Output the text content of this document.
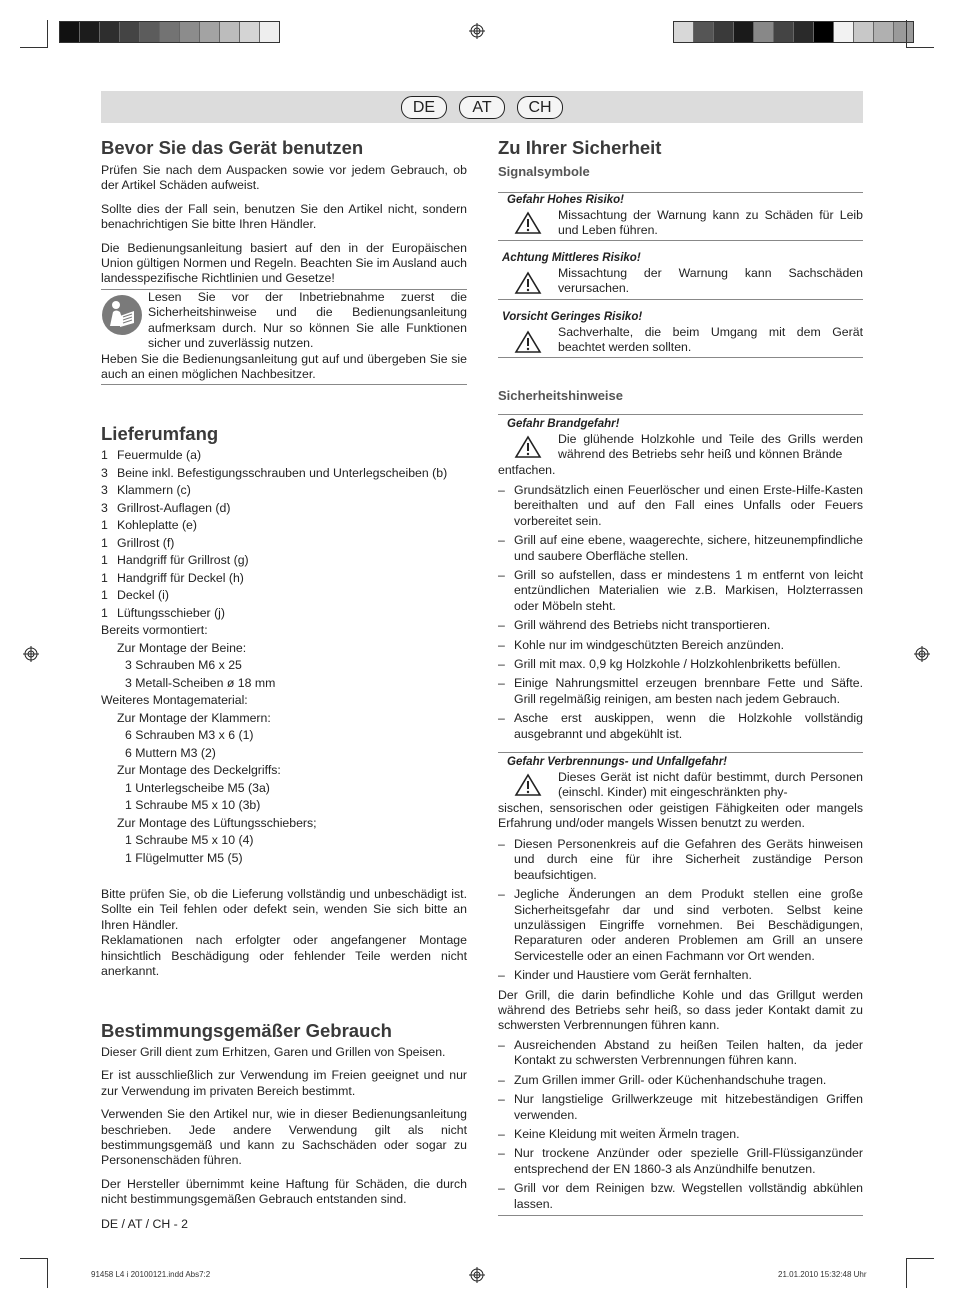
DE	AT	CH
Bevor Sie das Gerät benutzen

Prüfen Sie nach dem Auspacken sowie vor jedem Gebrauch, ob der Artikel Schäden aufweist.

Sollte dies der Fall sein, benutzen Sie den Artikel nicht, sondern benachrichtigen Sie bitte Ihren Händler.

Die Bedienungsanleitung basiert auf den in der Europäischen Union gültigen Normen und Regeln. Beachten Sie im Ausland auch landesspezifische Richtlinien und Gesetze!

Lesen Sie vor der Inbetriebnahme zuerst die Sicherheitshinweise und die Bedienungsanleitung aufmerksam durch. Nur so können Sie alle Funktionen sicher und zuverlässig nutzen.
Heben Sie die Bedienungsanleitung gut auf und übergeben Sie sie auch an einen möglichen Nachbesitzer.
Lieferumfang
1 Feuermulde (a)
3 Beine inkl. Befestigungsschrauben und Unterlegscheiben (b)
3 Klammern (c)
3 Grillrost-Auflagen (d)
1 Kohleplatte (e)
1 Grillrost (f)
1 Handgriff für Grillrost (g)
1 Handgriff für Deckel (h)
1 Deckel (i)
1 Lüftungsschieber (j)
Bereits vormontiert:
Zur Montage der Beine:
3 Schrauben M6 x 25
3 Metall-Scheiben ø 18 mm
Weiteres Montagematerial:
Zur Montage der Klammern:
6 Schrauben M3 x 6 (1)
6 Muttern M3 (2)
Zur Montage des Deckelgriffs:
1 Unterlegscheibe M5 (3a)
1 Schraube M5 x 10 (3b)
Zur Montage des Lüftungsschiebers;
1 Schraube M5 x 10 (4)
1 Flügelmutter M5 (5)

Bitte prüfen Sie, ob die Lieferung vollständig und unbeschädigt ist. Sollte ein Teil fehlen oder defekt sein, wenden Sie sich bitte an Ihren Händler.

Reklamationen nach erfolgter oder angefangener Montage hinsichtlich Beschädigung oder fehlender Teile werden nicht anerkannt.

Bestimmungsgemäßer Gebrauch

Dieser Grill dient zum Erhitzen, Garen und Grillen von Speisen.

Er ist ausschließlich zur Verwendung im Freien geeignet und nur zur Verwendung im privaten Bereich bestimmt.

Verwenden Sie den Artikel nur, wie in dieser Bedienungsanleitung beschrieben. Jede andere Verwendung gilt als nicht bestimmungsgemäß und kann zu Sachschäden oder sogar zu Personenschäden führen.

Der Hersteller übernimmt keine Haftung für Schäden, die durch nicht bestimmungsgemäßen Gebrauch entstanden sind.

DE / AT / CH - 2
Zu Ihrer Sicherheit
Signalsymbole
Gefahr Hohes Risiko!
Missachtung der Warnung kann zu Schäden für Leib und Leben führen.
Achtung Mittleres Risiko!
Missachtung der Warnung kann Sachschäden verursachen.
Vorsicht Geringes Risiko!
Sachverhalte, die beim Umgang mit dem Gerät beachtet werden sollten.
Sicherheitshinweise
Gefahr Brandgefahr!
Die glühende Holzkohle und Teile des Grills werden während des Betriebs sehr heiß und können Brände
entfachen.

– Grundsätzlich einen Feuerlöscher und einen Erste-Hilfe-Kasten bereithalten und auf den Fall eines Unfalls oder Feuers vorbereitet sein.

– Grill auf eine ebene, waagerechte, sichere, hitzeunempfindliche und saubere Oberfläche stellen.

– Grill so aufstellen, dass er mindestens 1 m entfernt von leicht entzündlichen Materialien wie z.B. Markisen, Holzterrassen oder Möbeln steht.

– Grill während des Betriebs nicht transportieren.

– Kohle nur im windgeschützten Bereich anzünden.

– Grill mit max. 0,9 kg Holzkohle / Holzkohlenbriketts befüllen.

– Einige Nahrungsmittel erzeugen brennbare Fette und Säfte. Grill regelmäßig reinigen, am besten nach jedem Gebrauch.

– Asche erst auskippen, wenn die Holzkohle vollständig ausgebrannt und abgekühlt ist.

Gefahr Verbrennungs- und Unfallgefahr!
Dieses Gerät ist nicht dafür bestimmt, durch Personen (einschl. Kinder) mit eingeschränkten phy-
sischen, sensorischen oder geistigen Fähigkeiten oder mangels Erfahrung und/oder mangels Wissen benutzt zu werden.

– Diesen Personenkreis auf die Gefahren des Geräts hinweisen und durch eine für ihre Sicherheit zuständige Person beaufsichtigen.

– Jegliche Änderungen an dem Produkt stellen eine große Sicherheitsgefahr dar und sind verboten. Selbst keine unzulässigen Eingriffe vornehmen. Bei Beschädigungen, Reparaturen oder anderen Problemen am Grill an unsere Servicestelle oder an einen Fachmann vor Ort wenden.

– Kinder und Haustiere vom Gerät fernhalten.

Der Grill, die darin befindliche Kohle und das Grillgut werden während des Betriebs sehr heiß, so dass jeder Kontakt damit zu schwersten Verbrennungen führen kann.

– Ausreichenden Abstand zu heißen Teilen halten, da jeder Kontakt zu schwersten Verbrennungen führen kann.

– Zum Grillen immer Grill- oder Küchenhandschuhe tragen.

– Nur langstielige Grillwerkzeuge mit hitzebeständigen Griffen verwenden.

– Keine Kleidung mit weiten Ärmeln tragen.

– Nur trockene Anzünder oder spezielle Grill-Flüssiganzünder entsprechend der EN 1860-3 als Anzündhilfe benutzen.

– Grill vor dem Reinigen bzw. Wegstellen vollständig abkühlen lassen.

91458 L4 i 20100121.indd Abs7:2	21.01.2010 15:32:48 Uhr
